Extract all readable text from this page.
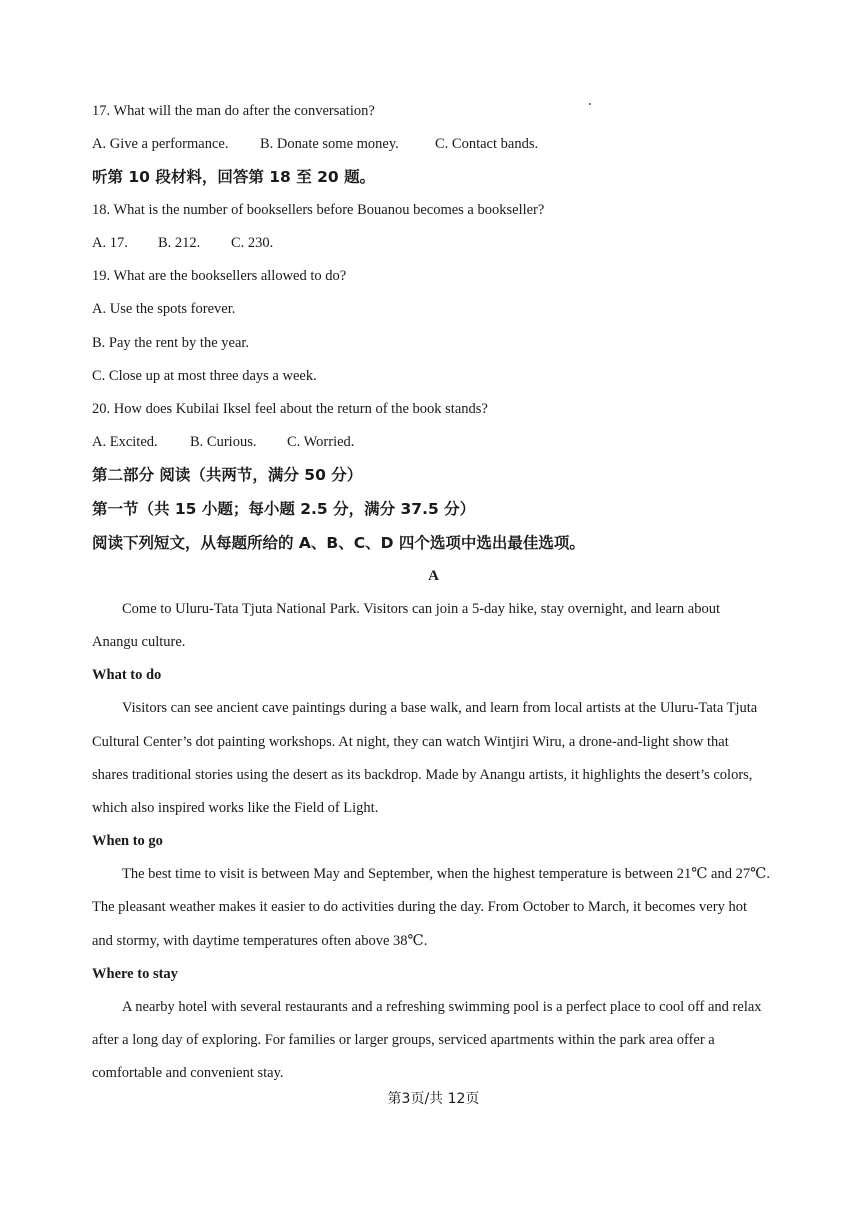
17. What will the man do after the conversation?
A. Give a performance. B. Donate some money. C. Contact bands.
听第 10 段材料，回答第 18 至 20 题。
18. What is the number of booksellers before Bouanou becomes a bookseller?
A. 17. B. 212. C. 230.
19. What are the booksellers allowed to do?
A. Use the spots forever.
B. Pay the rent by the year.
C. Close up at most three days a week.
20. How does Kubilai Iksel feel about the return of the book stands?
A. Excited. B. Curious. C. Worried.
第二部分 阅读（共两节，满分 50 分）
第一节（共 15 小题；每小题 2.5 分，满分 37.5 分）
阅读下列短文，从每题所给的 A、B、C、D 四个选项中选出最佳选项。
A
Come to Uluru-Tata Tjuta National Park. Visitors can join a 5-day hike, stay overnight, and learn about
Anangu culture.
What to do
Visitors can see ancient cave paintings during a base walk, and learn from local artists at the Uluru-Tata Tjuta
Cultural Center’s dot painting workshops. At night, they can watch Wintjiri Wiru, a drone-and-light show that
shares traditional stories using the desert as its backdrop. Made by Anangu artists, it highlights the desert’s colors,
which also inspired works like the Field of Light.
When to go
The best time to visit is between May and September, when the highest temperature is between 21℃ and 27℃.
The pleasant weather makes it easier to do activities during the day. From October to March, it becomes very hot
and stormy, with daytime temperatures often above 38℃.
Where to stay
A nearby hotel with several restaurants and a refreshing swimming pool is a perfect place to cool off and relax
after a long day of exploring. For families or larger groups, serviced apartments within the park area offer a
comfortable and convenient stay.
第3页/共 12页
